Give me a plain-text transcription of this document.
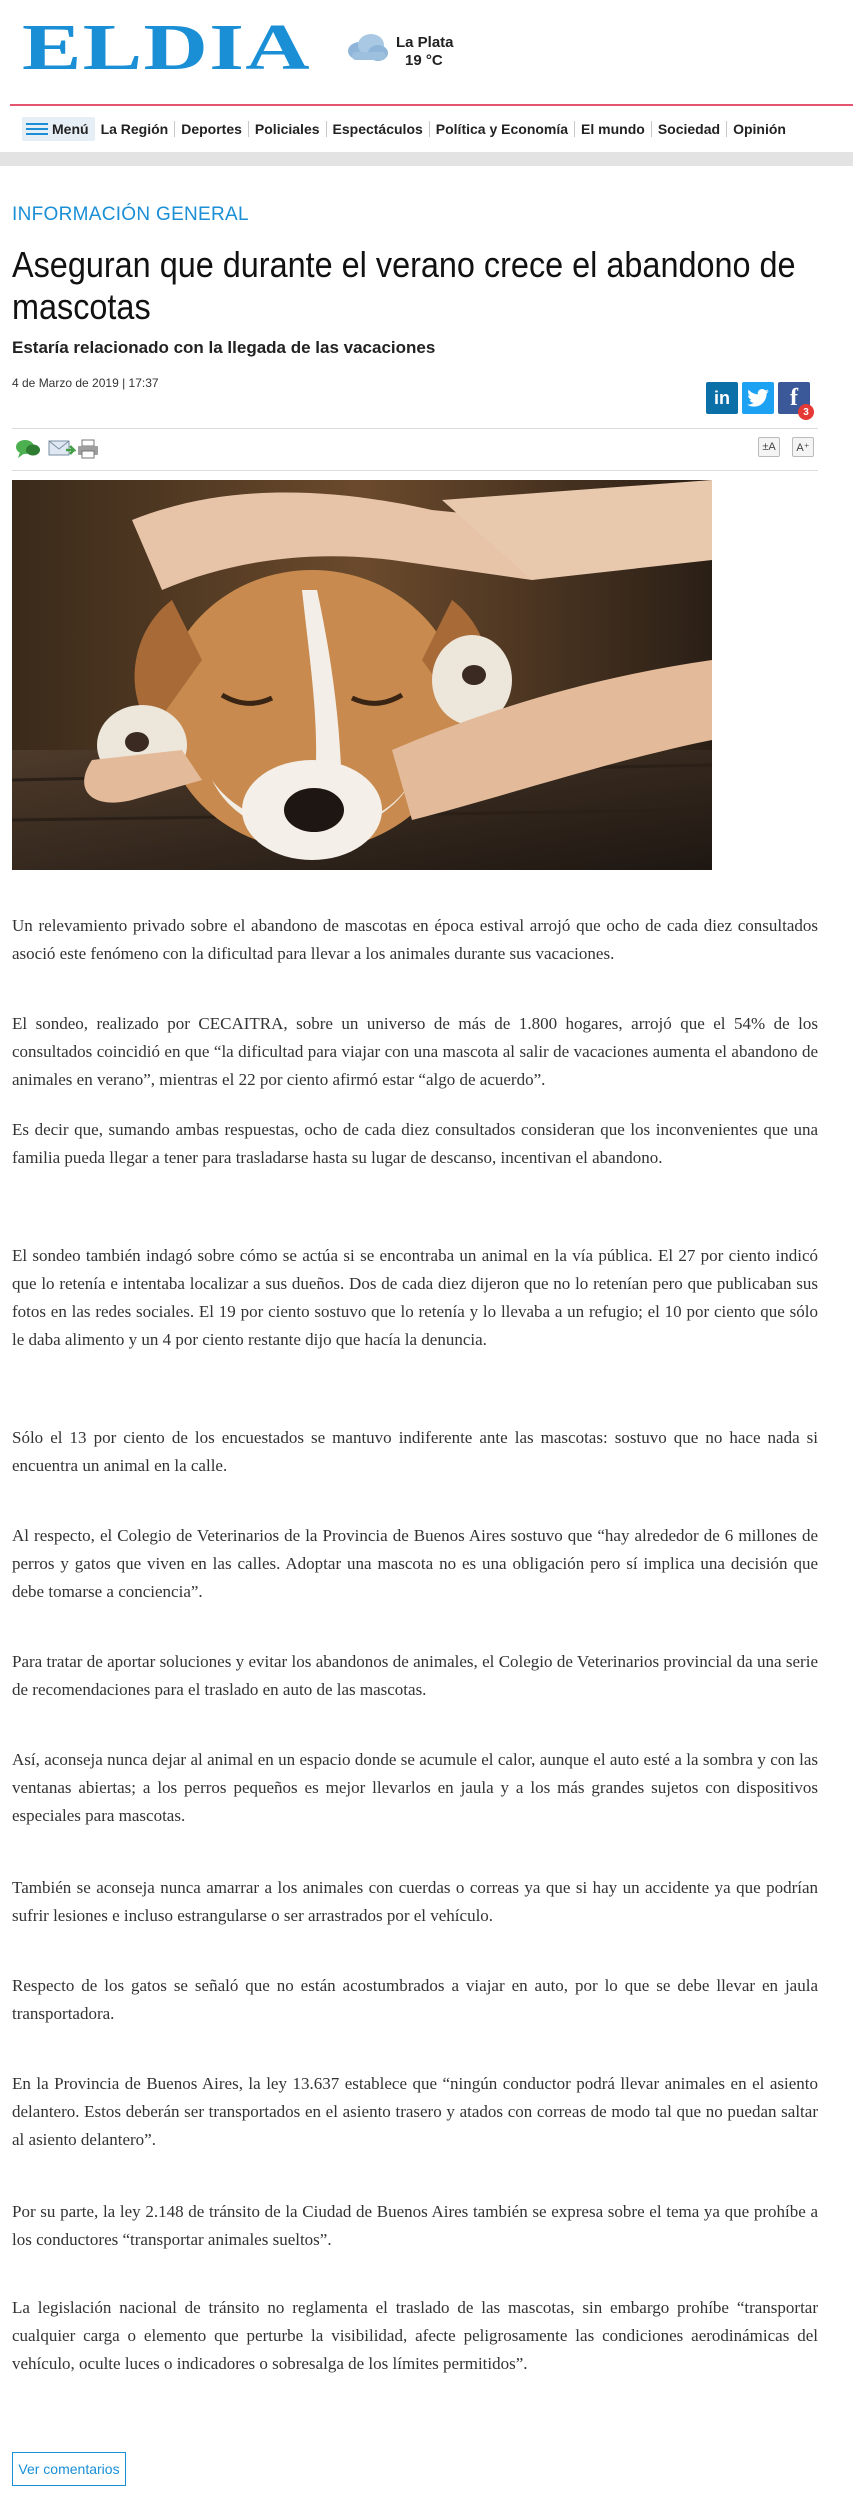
ELDIA	La Plata
19 °C
Menú La Región Deportes Policiales Espectáculos Política y Economía El mundo Sociedad Opinión
INFORMACIÓN GENERAL
Aseguran que durante el verano crece el abandono de mascotas
Estaría relacionado con la llegada de las vacaciones
4 de Marzo de 2019 | 17:37
in	f
3
±A	A⁺

Un relevamiento privado sobre el abandono de mascotas en época estival arrojó que ocho de cada diez consultados asoció este fenómeno con la dificultad para llevar a los animales durante sus vacaciones.

El sondeo, realizado por CECAITRA, sobre un universo de más de 1.800 hogares, arrojó que el 54% de los consultados coincidió en que “la dificultad para viajar con una mascota al salir de vacaciones aumenta el abandono de animales en verano”, mientras el 22 por ciento afirmó estar “algo de acuerdo”.

Es decir que, sumando ambas respuestas, ocho de cada diez consultados consideran que los inconvenientes que una familia pueda llegar a tener para trasladarse hasta su lugar de descanso, incentivan el abandono.

El sondeo también indagó sobre cómo se actúa si se encontraba un animal en la vía pública. El 27 por ciento indicó que lo retenía e intentaba localizar a sus dueños. Dos de cada diez dijeron que no lo retenían pero que publicaban sus fotos en las redes sociales. El 19 por ciento sostuvo que lo retenía y lo llevaba a un refugio; el 10 por ciento que sólo le daba alimento y un 4 por ciento restante dijo que hacía la denuncia.

Sólo el 13 por ciento de los encuestados se mantuvo indiferente ante las mascotas: sostuvo que no hace nada si encuentra un animal en la calle.

Al respecto, el Colegio de Veterinarios de la Provincia de Buenos Aires sostuvo que “hay alrededor de 6 millones de perros y gatos que viven en las calles. Adoptar una mascota no es una obligación pero sí implica una decisión que debe tomarse a conciencia”.

Para tratar de aportar soluciones y evitar los abandonos de animales, el Colegio de Veterinarios provincial da una serie de recomendaciones para el traslado en auto de las mascotas.

Así, aconseja nunca dejar al animal en un espacio donde se acumule el calor, aunque el auto esté a la sombra y con las ventanas abiertas; a los perros pequeños es mejor llevarlos en jaula y a los más grandes sujetos con dispositivos especiales para mascotas.

También se aconseja nunca amarrar a los animales con cuerdas o correas ya que si hay un accidente ya que podrían sufrir lesiones e incluso estrangularse o ser arrastrados por el vehículo.

Respecto de los gatos se señaló que no están acostumbrados a viajar en auto, por lo que se debe llevar en jaula transportadora.

En la Provincia de Buenos Aires, la ley 13.637 establece que “ningún conductor podrá llevar animales en el asiento delantero. Estos deberán ser transportados en el asiento trasero y atados con correas de modo tal que no puedan saltar al asiento delantero”.

Por su parte, la ley 2.148 de tránsito de la Ciudad de Buenos Aires también se expresa sobre el tema ya que prohíbe a los conductores “transportar animales sueltos”.

La legislación nacional de tránsito no reglamenta el traslado de las mascotas, sin embargo prohíbe “transportar cualquier carga o elemento que perturbe la visibilidad, afecte peligrosamente las condiciones aerodinámicas del vehículo, oculte luces o indicadores o sobresalga de los límites permitidos”.

Ver comentarios
